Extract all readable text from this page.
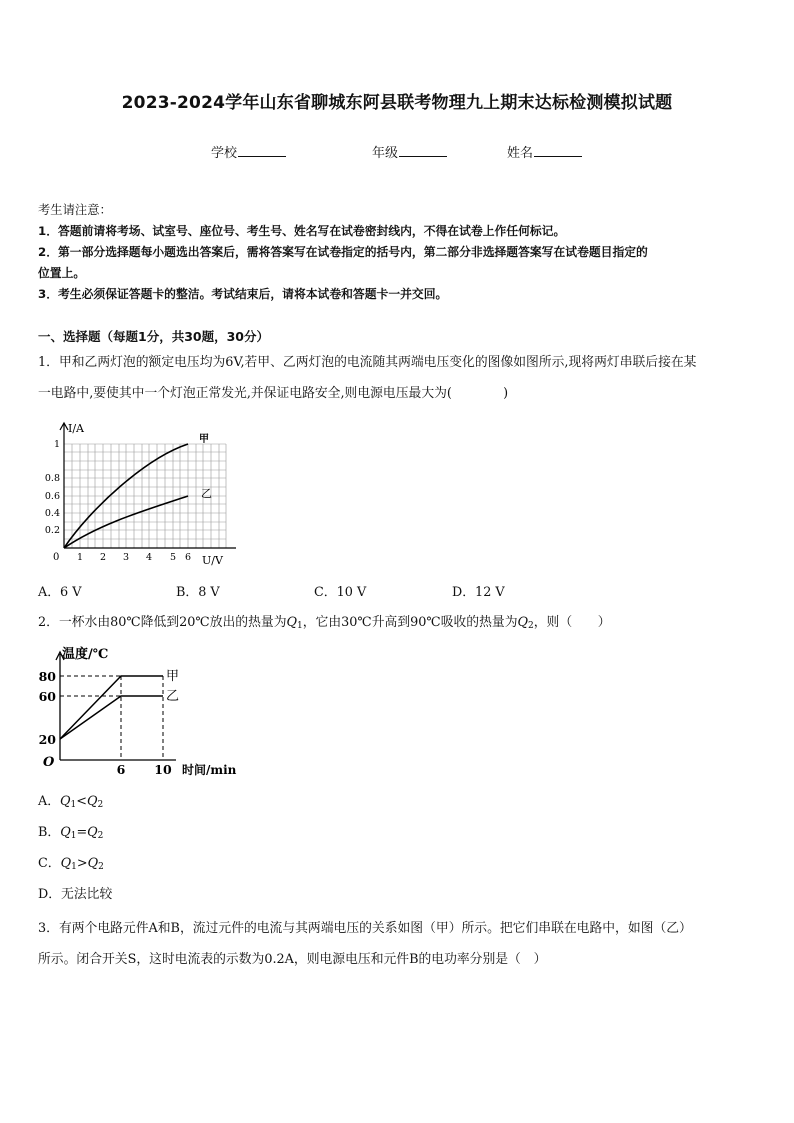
2023-2024学年山东省聊城东阿县联考物理九上期末达标检测模拟试题
学校	年级	姓名
考生请注意：
1．答题前请将考场、试室号、座位号、考生号、姓名写在试卷密封线内，不得在试卷上作任何标记。
2．第一部分选择题每小题选出答案后，需将答案写在试卷指定的括号内，第二部分非选择题答案写在试卷题目指定的
位置上。
3．考生必须保证答题卡的整洁。考试结束后，请将本试卷和答题卡一并交回。
一、选择题（每题1分，共30题，30分）
1．甲和乙两灯泡的额定电压均为6V,若甲、乙两灯泡的电流随其两端电压变化的图像如图所示,现将两灯串联后接在某
一电路中,要使其中一个灯泡正常发光,并保证电路安全,则电源电压最大为(　　　　)
I/A
U/V
0 1 2 3 4 5 6
0.2
0.4
0.6
0.8
1	甲
乙
A．6 V	B．8 V	C．10 V	D．12 V
2．一杯水由80℃降低到20℃放出的热量为$Q_1$，它由30℃升高到90℃吸收的热量为$Q_2$，则（　　）
温度/℃
时间/min
O
80
60
20
6 10
甲
乙
A．$Q_1<Q_2$
B．$Q_1=Q_2$
C．$Q_1>Q_2$
D．无法比较
3．有两个电路元件A和B，流过元件的电流与其两端电压的关系如图（甲）所示。把它们串联在电路中，如图（乙）
所示。闭合开关S，这时电流表的示数为0.2A，则电源电压和元件B的电功率分别是（　）
